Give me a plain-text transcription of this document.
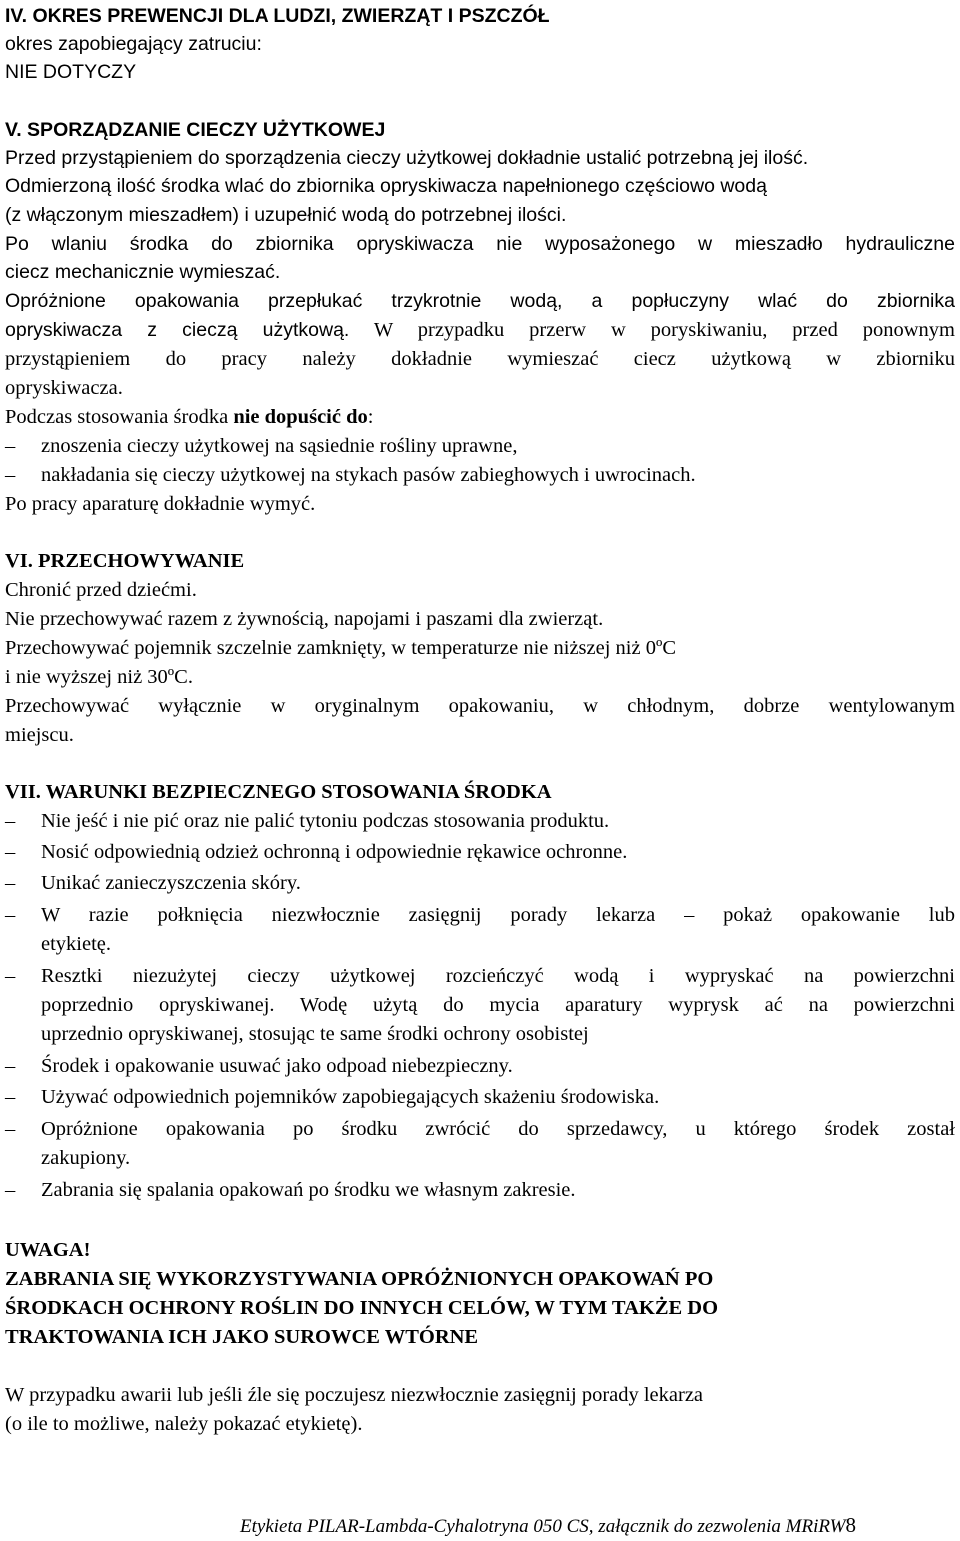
IV. OKRES PREWENCJI DLA LUDZI, ZWIERZĄT I PSZCZÓŁ
okres zapobiegający zatruciu:
NIE DOTYCZY
V. SPORZĄDZANIE CIECZY UŻYTKOWEJ
Przed przystąpieniem do sporządzenia cieczy użytkowej dokładnie ustalić potrzebną jej ilość.
Odmierzoną ilość środka wlać do zbiornika opryskiwacza napełnionego częściowo wodą
(z włączonym mieszadłem) i uzupełnić wodą do potrzebnej ilości.
Po wlaniu środka do zbiornika opryskiwacza nie wyposażonego w mieszadło hydrauliczne
ciecz mechanicznie wymieszać.
Opróżnione opakowania przepłukać trzykrotnie wodą, a popłuczyny wlać do zbiornika
opryskiwacza z cieczą użytkową. W przypadku przerw w poryskiwaniu, przed ponownym
przystąpieniem do pracy należy dokładnie wymieszać ciecz użytkową w zbiorniku
opryskiwacza.
Podczas stosowania środka nie dopuścić do:
– znoszenia cieczy użytkowej na sąsiednie rośliny uprawne,
– nakładania się cieczy użytkowej na stykach pasów zabieghowych i uwrocinach.
Po pracy aparaturę dokładnie wymyć.
VI. PRZECHOWYWANIE
Chronić przed dziećmi.
Nie przechowywać razem z żywnością, napojami i paszami dla zwierząt.
Przechowywać pojemnik szczelnie zamknięty, w temperaturze nie niższej niż 0ºC
i nie wyższej niż 30ºC.
Przechowywać wyłącznie w oryginalnym opakowaniu, w chłodnym, dobrze wentylowanym
miejscu.
VII. WARUNKI BEZPIECZNEGO STOSOWANIA ŚRODKA
– Nie jeść i nie pić oraz nie palić tytoniu podczas stosowania produktu.
– Nosić odpowiednią odzież ochronną i odpowiednie rękawice ochronne.
– Unikać zanieczyszczenia skóry.
– W razie połknięcia niezwłocznie zasięgnij porady lekarza – pokaż opakowanie lub
etykietę.
– Resztki niezużytej cieczy użytkowej rozcieńczyć wodą i wypryskać na powierzchni
poprzednio opryskiwanej. Wodę użytą do mycia aparatury wyprysk ać na powierzchni
uprzednio opryskiwanej, stosując te same środki ochrony osobistej
– Środek i opakowanie usuwać jako odpoad niebezpieczny.
– Używać odpowiednich pojemników zapobiegających skażeniu środowiska.
– Opróżnione opakowania po środku zwrócić do sprzedawcy, u którego środek został
zakupiony.
– Zabrania się spalania opakowań po środku we własnym zakresie.
UWAGA!
ZABRANIA SIĘ WYKORZYSTYWANIA OPRÓŻNIONYCH OPAKOWAŃ PO
ŚRODKACH OCHRONY ROŚLIN DO INNYCH CELÓW, W TYM TAKŻE DO
TRAKTOWANIA ICH JAKO SUROWCE WTÓRNE
W przypadku awarii lub jeśli źle się poczujesz niezwłocznie zasięgnij porady lekarza
(o ile to możliwe, należy pokazać etykietę).
Etykieta PILAR-Lambda-Cyhalotryna 050 CS, załącznik do zezwolenia MRiRW8
